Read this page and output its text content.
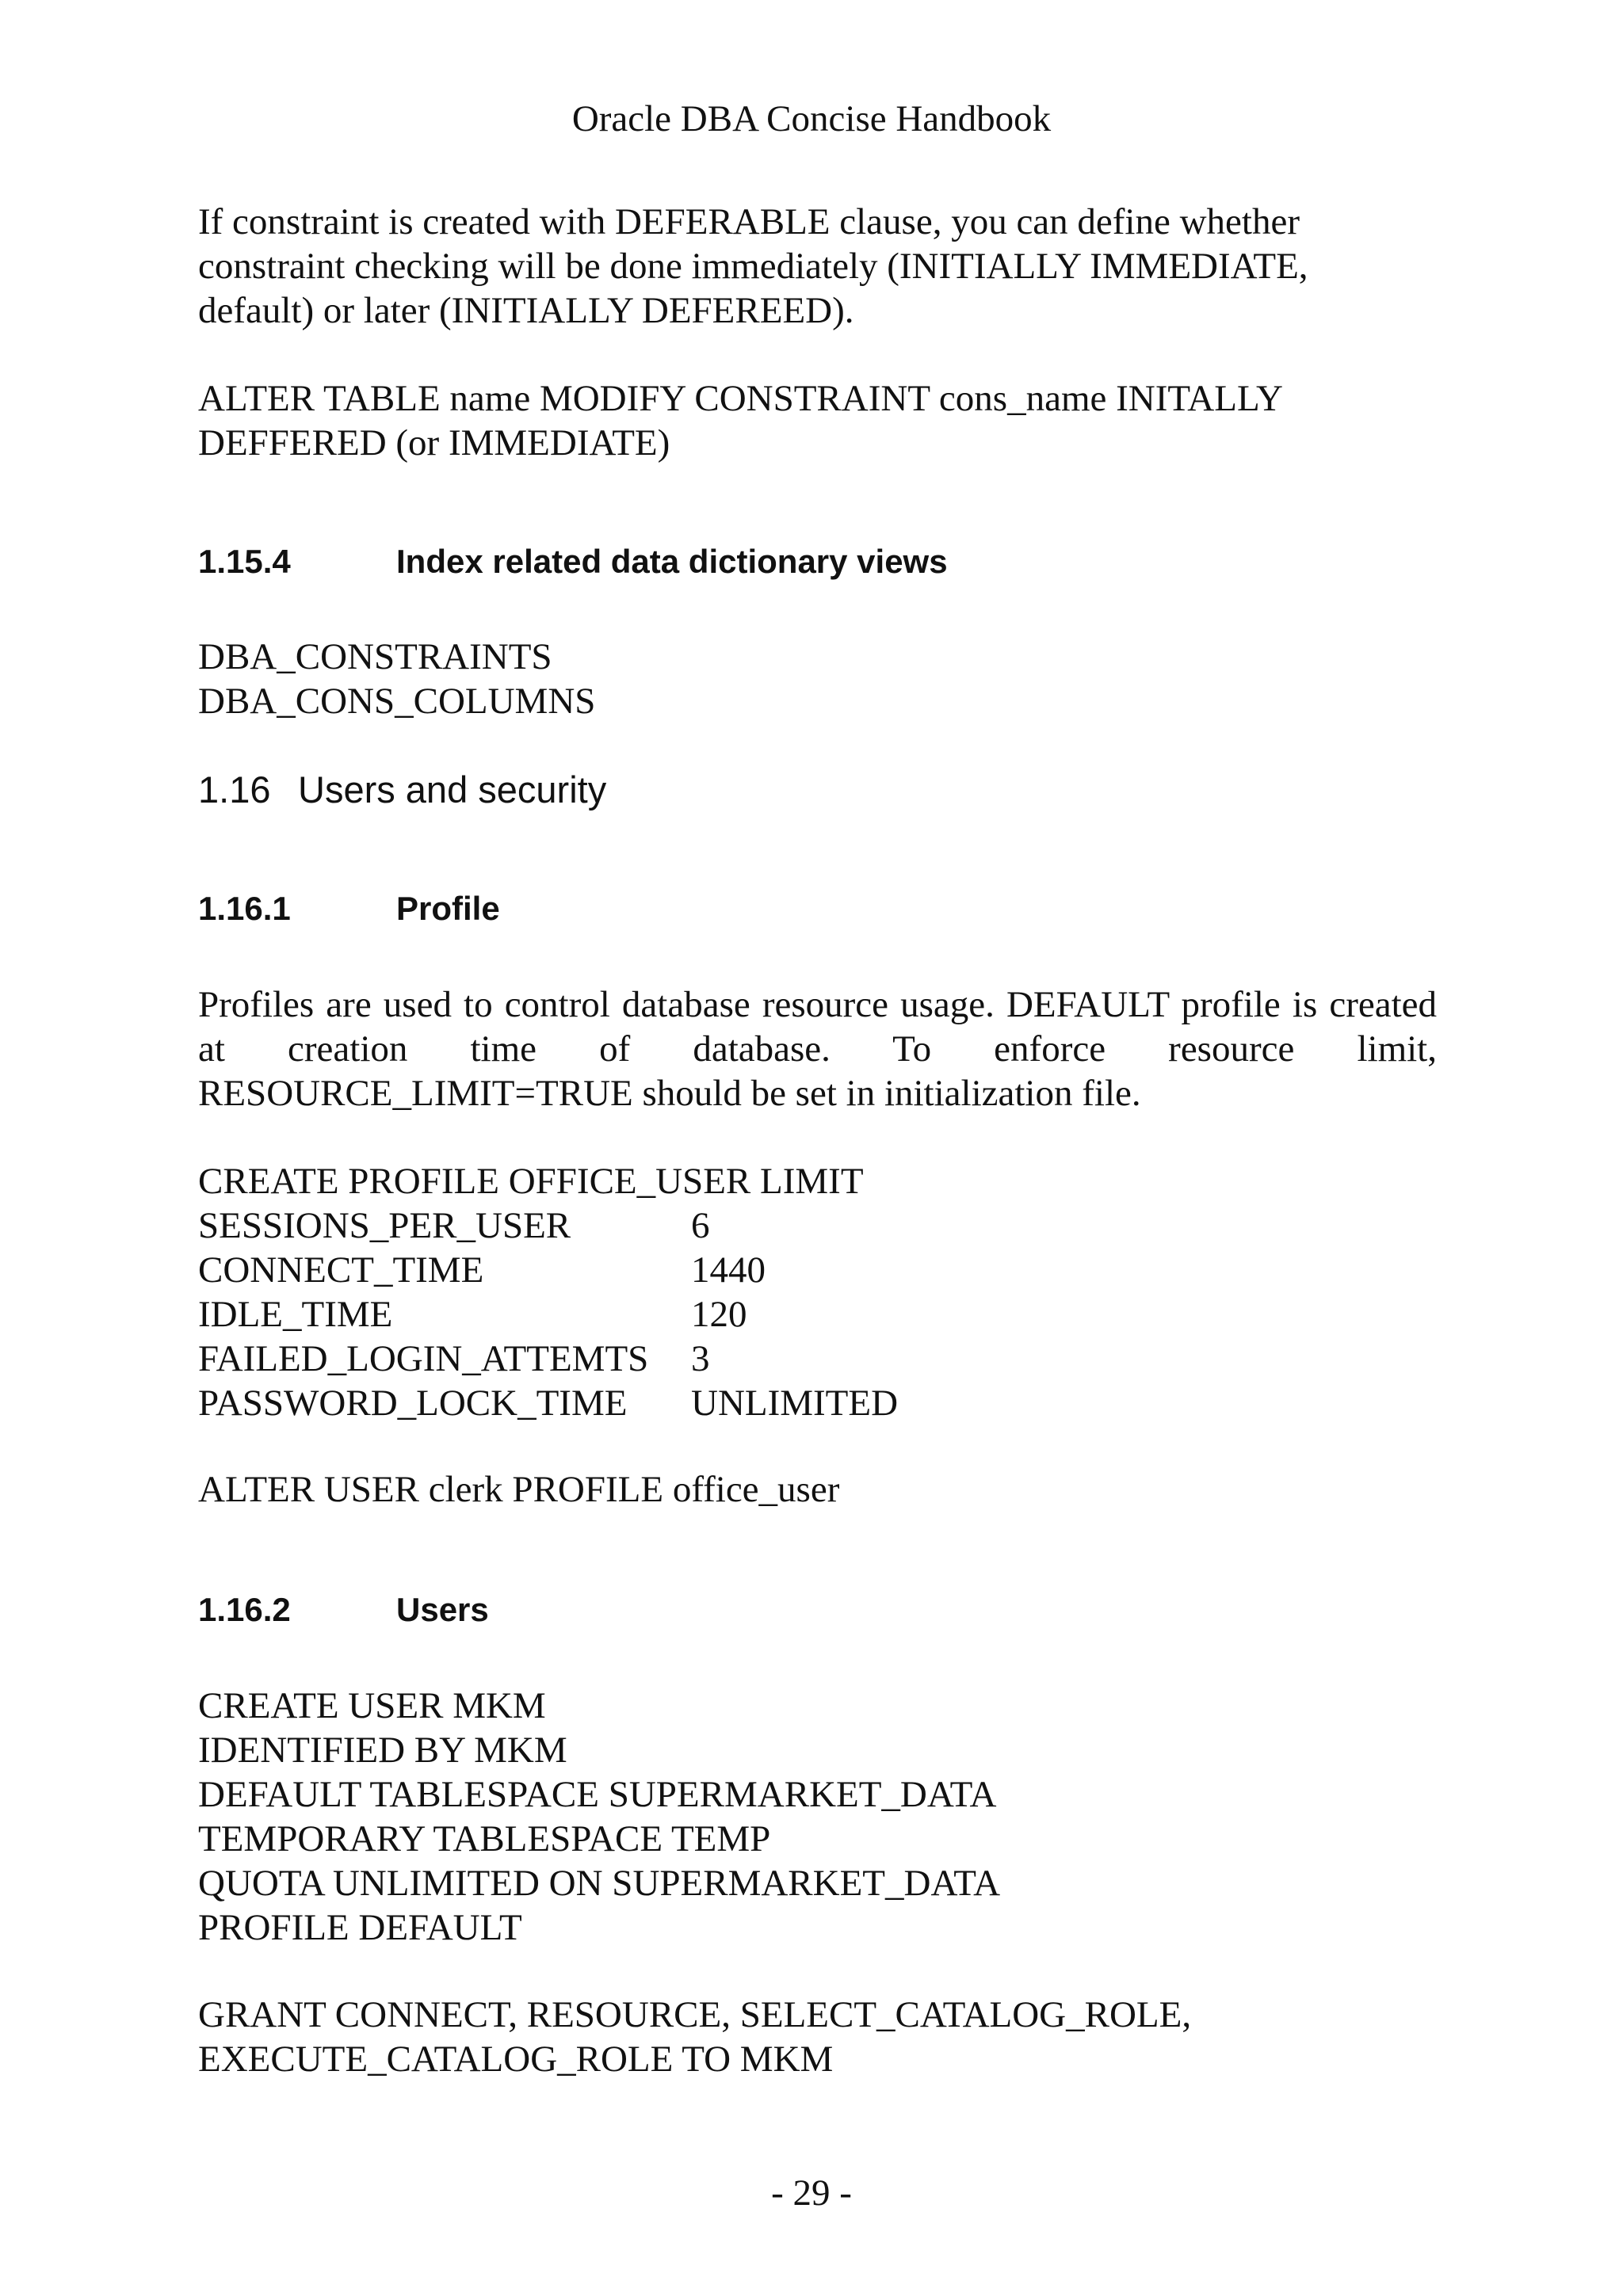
Oracle DBA Concise Handbook
If constraint is created with DEFERABLE clause, you can define whether
constraint checking will be done immediately (INITIALLY IMMEDIATE,
default) or later (INITIALLY DEFEREED).
ALTER TABLE name MODIFY CONSTRAINT cons_name INITALLY
DEFFERED (or IMMEDIATE)
1.15.4	Index related data dictionary views
DBA_CONSTRAINTS
DBA_CONS_COLUMNS
1.16 Users and security
1.16.1	Profile
Profiles are used to control database resource usage. DEFAULT profile is created at creation time of database. To enforce resource limit, RESOURCE_LIMIT=TRUE should be set in initialization file.
CREATE PROFILE OFFICE_USER LIMIT
SESSIONS_PER_USER	6
CONNECT_TIME	1440
IDLE_TIME	120
FAILED_LOGIN_ATTEMTS 3
PASSWORD_LOCK_TIME UNLIMITED
ALTER USER clerk PROFILE office_user
1.16.2	Users
CREATE USER MKM
IDENTIFIED BY MKM
DEFAULT TABLESPACE SUPERMARKET_DATA
TEMPORARY TABLESPACE TEMP
QUOTA UNLIMITED ON SUPERMARKET_DATA
PROFILE DEFAULT
GRANT CONNECT, RESOURCE, SELECT_CATALOG_ROLE,
EXECUTE_CATALOG_ROLE TO MKM
- 29 -
